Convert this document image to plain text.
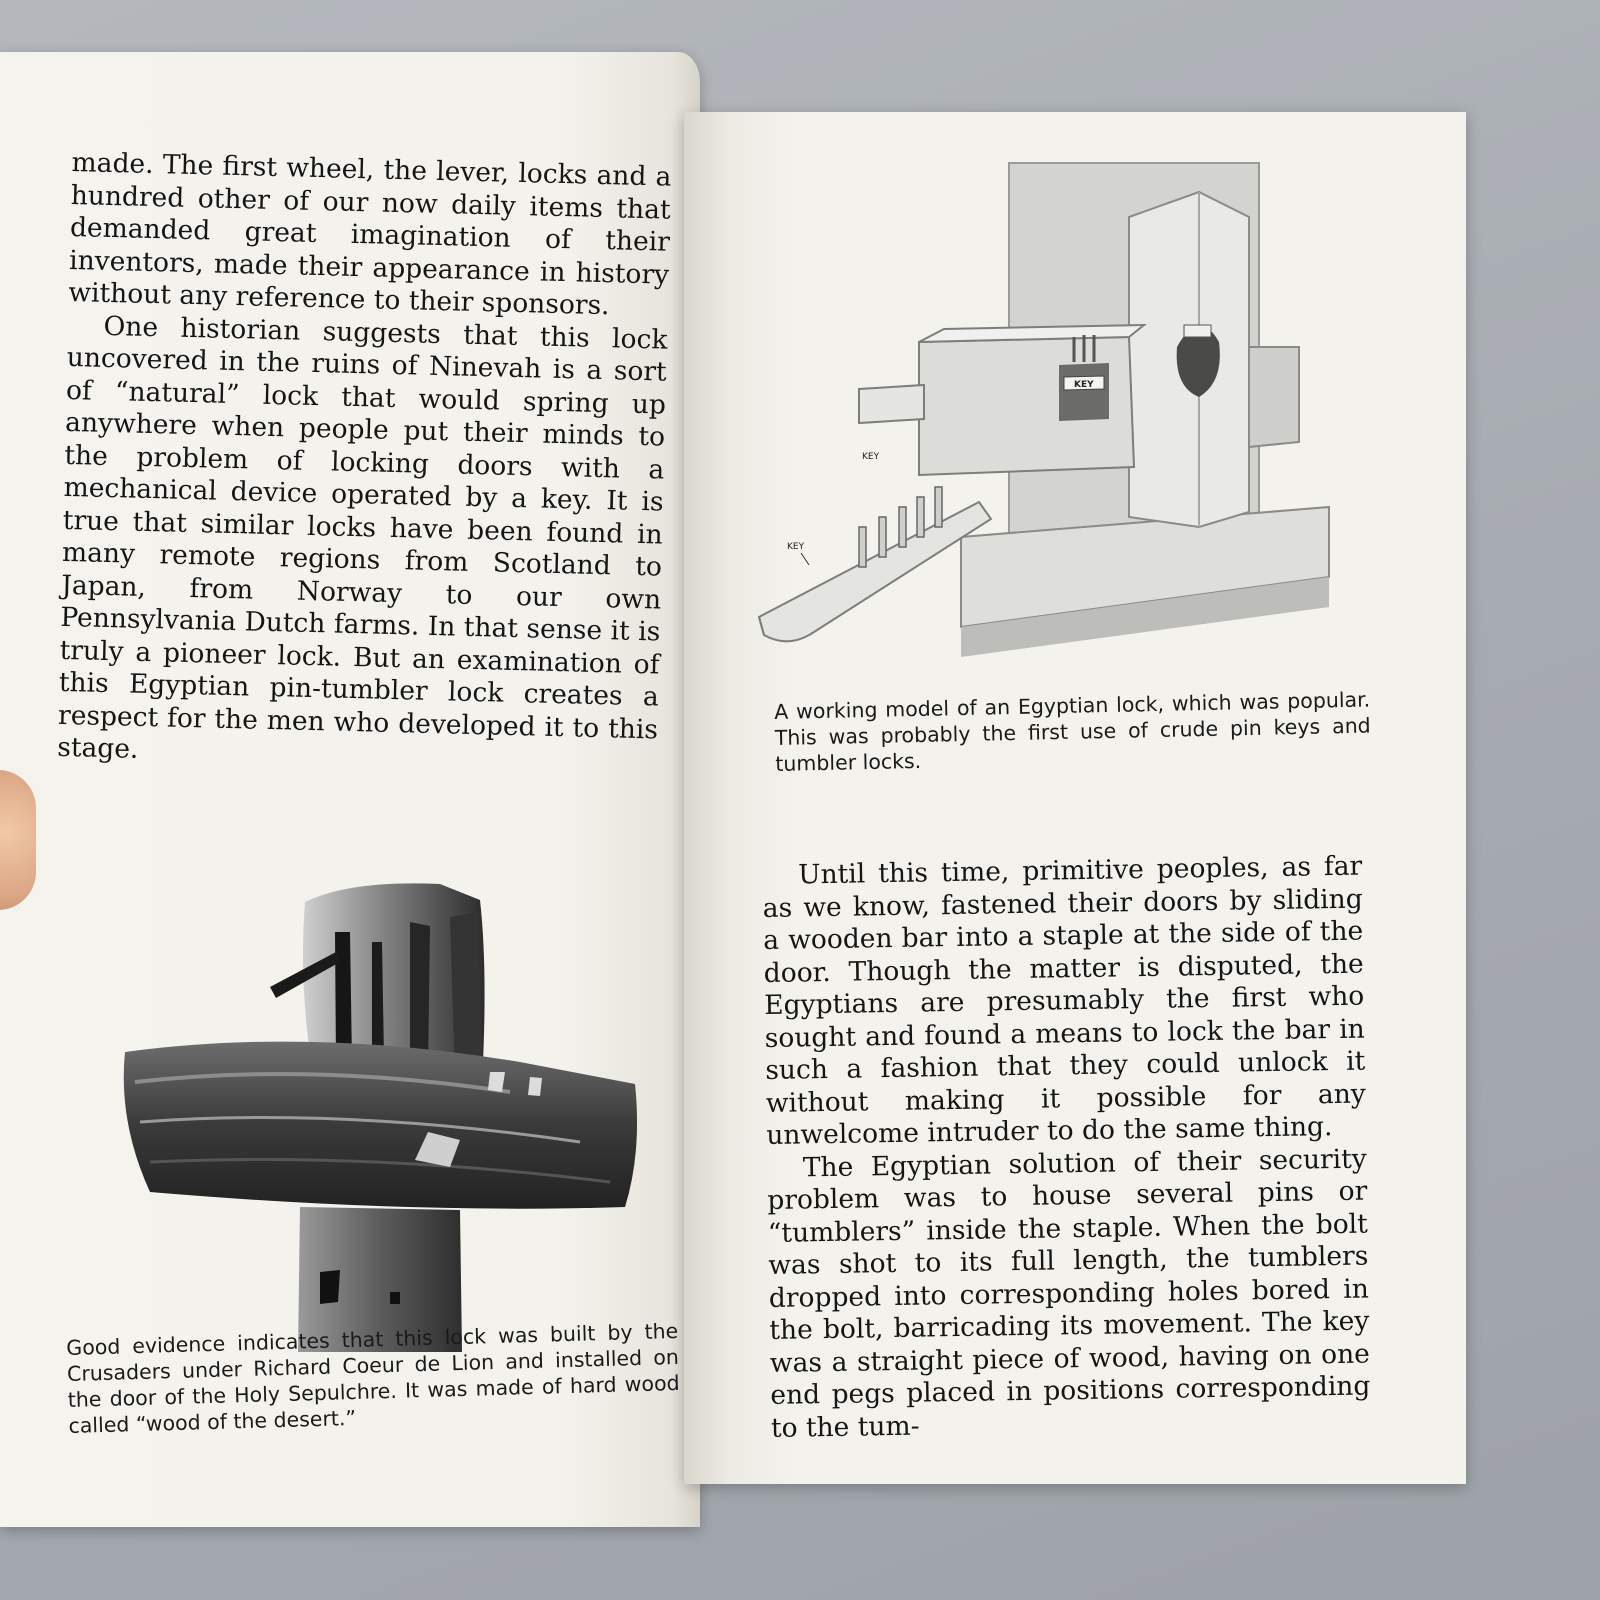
made. The first wheel, the lever, locks and a hundred other of our now daily items that demanded great imagination of their inventors, made their appearance in history without any reference to their sponsors.

One historian suggests that this lock uncovered in the ruins of Ninevah is a sort of “natural” lock that would spring up anywhere when people put their minds to the problem of locking doors with a mechanical device operated by a key. It is true that similar locks have been found in many remote regions from Scotland to Japan, from Norway to our own Pennsylvania Dutch farms. In that sense it is truly a pioneer lock. But an examination of this Egyptian pin-tumbler lock creates a respect for the men who developed it to this stage.

Good evidence indicates that this lock was built by the Crusaders under Richard Coeur de Lion and installed on the door of the Holy Sepulchre. It was made of hard wood called “wood of the desert.”

KEY
KEY
KEY

A working model of an Egyptian lock, which was popular. This was probably the first use of crude pin keys and tumbler locks.

Until this time, primitive peoples, as far as we know, fastened their doors by sliding a wooden bar into a staple at the side of the door. Though the matter is disputed, the Egyptians are presumably the first who sought and found a means to lock the bar in such a fashion that they could unlock it without making it possible for any unwelcome intruder to do the same thing.

The Egyptian solution of their security problem was to house several pins or “tumblers” inside the staple. When the bolt was shot to its full length, the tumblers dropped into corresponding holes bored in the bolt, barricading its movement. The key was a straight piece of wood, having on one end pegs placed in positions corresponding to the tum-
